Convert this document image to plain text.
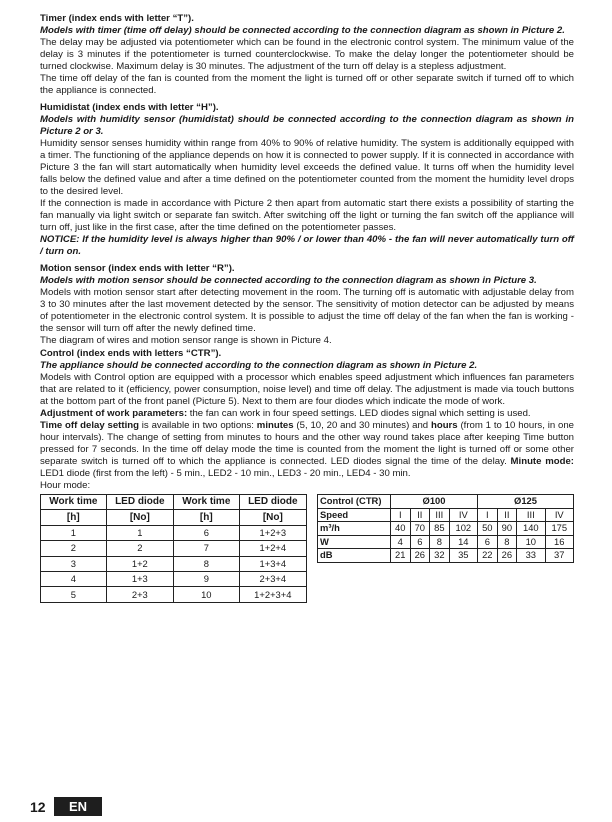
Timer (index ends with letter “T”).

Models with timer (time off delay) should be connected according to the connection diagram as shown in Picture 2.

The delay may be adjusted via potentiometer which can be found in the electronic control system. The minimum value of the delay is 3 minutes if the potentiometer is turned counterclockwise. To make the delay longer the potentiometer should be turned clockwise. Maximum delay is 30 minutes. The adjustment of the turn off delay is a stepless adjustment.

The time off delay of the fan is counted from the moment the light is turned off or other separate switch if turned off to which the appliance is connected.

Humidistat (index ends with letter “H”).

Models with humidity sensor (humidistat) should be connected according to the connection diagram as shown in Picture 2 or 3.

Humidity sensor senses humidity within range from 40% to 90% of relative humidity. The system is additionally equipped with a timer. The functioning of the appliance depends on how it is connected to power supply. If it is connected in accordance with Picture 3 the fan will start automatically when humidity level exceeds the defined value. It turns off when the humidity level falls below the defined value and after a time defined on the potentiometer counted from the moment the humidity level drops to the desired level.

If the connection is made in accordance with Picture 2 then apart from automatic start there exists a possibility of starting the fan manually via light switch or separate fan switch. After switching off the light or turning the fan switch off the appliance will turn off, just like in the first case, after the time defined on the potentiometer passes.

NOTICE: If the humidity level is always higher than 90% / or lower than 40% - the fan will never automatically turn off / turn on.

Motion sensor (index ends with letter “R”).

Models with motion sensor should be connected according to the connection diagram as shown in Picture 3.

Models with motion sensor start after detecting movement in the room. The turning off is automatic with adjustable delay from 3 to 30 minutes after the last movement detected by the sensor. The sensitivity of motion detector can be adjusted by means of potentiometer in the electronic control system. It is possible to adjust the time off delay of the fan when the fan is working - the sensor will turn off after the newly defined time.

The diagram of wires and motion sensor range is shown in Picture 4.

Control (index ends with letters “CTR”).

The appliance should be connected according to the connection diagram as shown in Picture 2.

Models with Control option are equipped with a processor which enables speed adjustment which influences fan parameters that are related to it (efficiency, power consumption, noise level) and time off delay. The adjustment is made via touch buttons at the bottom part of the front panel (Picture 5). Next to them are four diodes which indicate the mode of work.

Adjustment of work parameters: the fan can work in four speed settings. LED diodes signal which setting is used.

Time off delay setting is available in two options: minutes (5, 10, 20 and 30 minutes) and hours (from 1 to 10 hours, in one hour intervals). The change of setting from minutes to hours and the other way round takes place after keeping Time button pressed for 7 seconds. In the time off delay mode the time is counted from the moment the light is turned off or some other separate switch is turned off to which the appliance is connected. LED diodes signal the time of the delay. Minute mode: LED1 diode (first from the left) - 5 min., LED2 - 10 min., LED3 - 20 min., LED4 - 30 min.

Hour mode:
Work time	LED diode	Work time	LED diode
[h]	[No]	[h]	[No]
1	1	6	1+2+3
2	2	7	1+2+4
3	1+2	8	1+3+4
4	1+3	9	2+3+4
5	2+3	10	1+2+3+4
Control (CTR)	Ø100				Ø125			
Speed	I	II	III	IV	I	II	III	IV
m³/h	40	70	85	102	50	90	140	175
W	4	6	8	14	6	8	10	16
dB	21	26	32	35	22	26	33	37
12	EN
